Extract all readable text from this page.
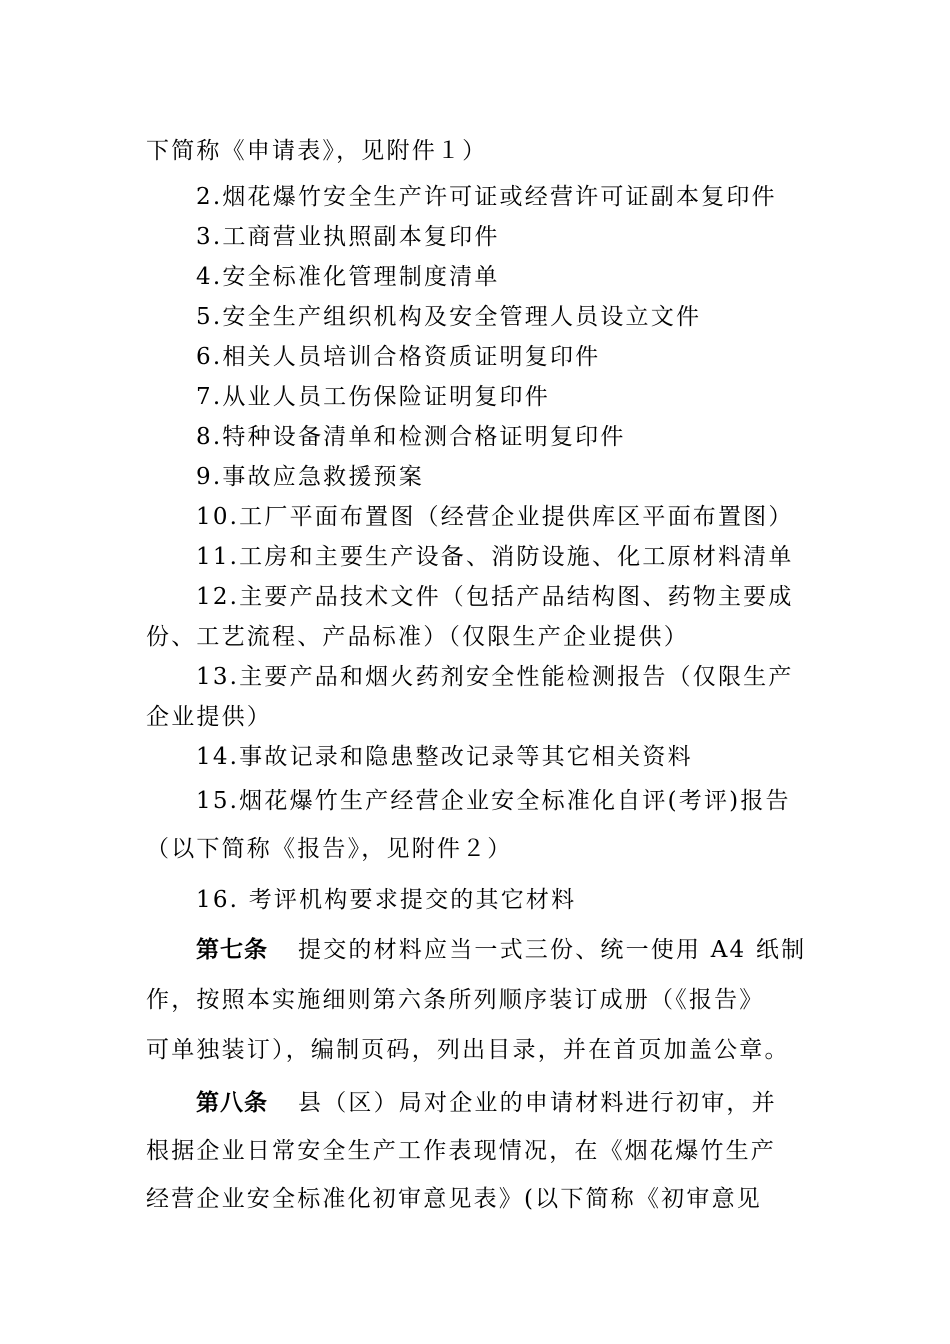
下简称《申请表》，见附件１）
2.烟花爆竹安全生产许可证或经营许可证副本复印件
3.工商营业执照副本复印件
4.安全标准化管理制度清单
5.安全生产组织机构及安全管理人员设立文件
6.相关人员培训合格资质证明复印件
7.从业人员工伤保险证明复印件
8.特种设备清单和检测合格证明复印件
9.事故应急救援预案
10.工厂平面布置图（经营企业提供库区平面布置图）
11.工房和主要生产设备、消防设施、化工原材料清单
12.主要产品技术文件（包括产品结构图、药物主要成
份、工艺流程、产品标准）（仅限生产企业提供）
13.主要产品和烟火药剂安全性能检测报告（仅限生产
企业提供）
14.事故记录和隐患整改记录等其它相关资料
15.烟花爆竹生产经营企业安全标准化自评(考评)报告
（以下简称《报告》，见附件２）
16. 考评机构要求提交的其它材料
第七条 提交的材料应当一式三份、统一使用 A4 纸制
作，按照本实施细则第六条所列顺序装订成册（《报告》
可单独装订），编制页码，列出目录，并在首页加盖公章。
第八条 县（区）局对企业的申请材料进行初审，并
根据企业日常安全生产工作表现情况，在《烟花爆竹生产
经营企业安全标准化初审意见表》(以下简称《初审意见
